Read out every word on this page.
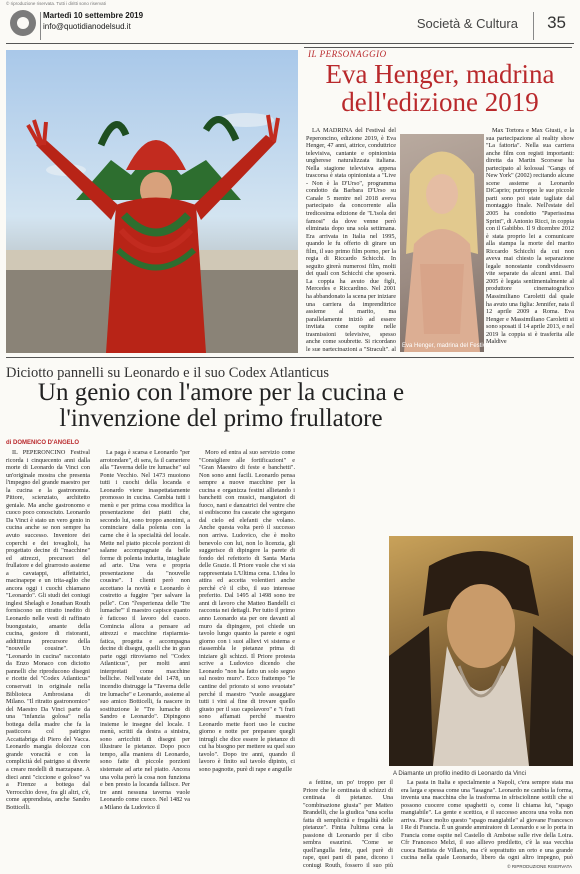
© riproduzione riservata. Tutti i diritti sono riservati
Martedì 10 settembre 2019
info@quotidianodelsud.it	Società & Cultura 35
IL PERSONAGGIO
Eva Henger, madrina dell'edizione 2019

LA MADRINA del Festival del Peperoncino, edizione 2019, è Eva Henger, 47 anni, attrice, conduttrice televisiva, cantante e opinionista ungherese naturalizzata italiana. Nella stagione televisiva appena trascorsa è stata opinionista a "Live - Non è la D'Urso", programma condotto da Barbara D'Urso su Canale 5 mentre nel 2018 aveva partecipato da concorrente alla tredicesima edizione de "L'isola dei famosi" da dove venne però eliminata dopo una sola settimana. Era arrivata in Italia nel 1995, quando le fu offerto di girare un film, il suo primo film porno, per la regia di Riccardo Schicchi. In seguito girerà numerosi film, molti dei quali con Schicchi che sposerà. La coppia ha avuto due figli, Mercedes e Riccardino. Nel 2001 ha abbandonato la scena per iniziare una carriera da imprenditrice assieme al marito, ma parallelamente iniziò ad essere invitata come ospite nelle trasmissioni televisive, spesso anche come soubrette. Si ricordano le sue partecipazioni a "Stracult", al Eva Henger, madrina del Festival

Max Tortora e Max Giusti, e la sua partecipazione al reality show "La fattoria". Nella sua carriera anche film con registi importanti: diretta da Martin Scorsese ha partecipato al kolossal "Gangs of New York" (2002) recitando alcune scene assieme a Leonardo DiCaprio; purtroppo le sue piccole parti sono poi state tagliate dal montaggio finale. Nell'estate del 2005 ha condotto "Paperissima Sprint", di Antonio Ricci, in coppia con il Gabibbo. Il 9 dicembre 2012 è stata proprio lei a comunicare alla stampa la morte del marito Riccardo Schicchi da cui non aveva mai chiesto la separazione legale nonostante condividessero vite separate da alcuni anni. Dal 2005 è legata sentimentalmente al produttore cinematografico Massimiliano Caroletti dal quale ha avuto una figlia: Jennifer, nata il 12 aprile 2009 a Roma. Eva Henger e Massimiliano Caroletti si sono sposati il 14 aprile 2013, e nel 2019 la coppia si è trasferita alle Maldive

Diciotto pannelli su Leonardo e il suo Codex Atlanticus
Un genio con l'amore per la cucina e l'invenzione del primo frullatore
A Diamante un profilo inedito di Leonardo da Vinci
di DOMENICO D'ANGELO

IL PEPERONCINO Festival ricorda i cinquecento anni dalla morte di Leonardo da Vinci con un'originale mostra che presenta l'impegno del grande maestro per la cucina e la gastronomia. Pittore, scienziato, architetto geniale. Ma anche gastronomo e cuoco poco conosciuto. Leonardo Da Vinci è stato un vero genio in cucina anche se non sempre ha avuto successo. Inventore dei coperchi e dei tovaglioli, ha progettato decine di "macchine" ed attrezzi, precursori del frullatore e del girarrosto assieme a cavatappi, affettatrici, macinapepe e un trita-aglio che ancora oggi i cuochi chiamano "Leonardo". Gli studi dei coniugi inglesi Shelagh e Jonathan Routh forniscono un ritratto inedito di Leonardo nelle vesti di raffinato buongustaio, amante della cucina, gestore di ristoranti, additittura precursore della "nouvelle cousine". Un "Leonardo in cucina" raccontato da Enzo Monaco con diciotto pannelli che riproducono disegni e ricette del "Codex Atlanticus" conservati in originale nella Biblioteca Ambrosiana di Milano. "Il ritratto gastronomico" del Maestro Da Vinci parte da una "infanzia golosa" nella bottega della madre che fa la pasticcera col patrigno Accattabriga di Piero del Vacca. Leonardo mangia dolcezze con grande voracità e con la complicità del patrigno si diverte a creare modelli di marzapane. A dieci anni "ciccione e goloso" va a Firenze a bottega dal Verrocchio dove, fra gli altri, c'è, come apprendista, anche Sandro Botticelli.

La paga è scarsa e Leonardo "per arrotondare", di sera, fa il cameriere alla "Taverna delle tre lumache" sul Ponte Vecchio. Nel 1473 muoiono tutti i cuochi della locanda e Leonardo viene inaspettatamente promosso in cucina. Cambia tutti i menù e per prima cosa modifica la presentazione dei piatti che, secondo lui, sono troppo anonimi, a cominciare dalla polenta con la carne che è la specialità del locale. Mette nel piatto piccole porzioni di salame accompagnate da belle forme di polenta indurita, intagliate ad arte. Una vera e propria presentazione da "nouvelle cousine". I clienti però non accettano la novità e Leonardo è costretto a fuggire "per salvare la pelle". Con "l'esperienza delle 'Tre lumache'" il maestro capisce quanto è faticoso il lavoro del cuoco. Comincia allora a pensare ad attrezzi e macchine rispiarmia-fatica, progetta e accompagna decine di disegni, quelli che in gran parte oggi ritroviamo nel "Codex Atlanticus", per molti anni interpretati come macchine belliche. Nell'estate del 1478, un incendio distrugge la "Taverna delle tre lumache" e Leonardo, assieme al suo amico Botticelli, fa nascere in sostituzione le "Tre lumache di Sandro e Leonardo". Dipingono insieme le insegne del locale. I menù, scritti da destra a sinistra, sono arricchiti di disegni per illustrare le pietanze. Dopo poco tempo, alla maniera di Leonardo, sono fatte di piccole porzioni sistemate ad arte nel piatto. Ancora una volta però la cosa non funziona e ben presto la locanda fallisce. Per tre anni nessuna taverna vuole Leonardo come cuoco. Nel 1482 va a Milano da Ludovico il

Moro ed entra al suo servizio come "Consigliere alle fortificazioni" e "Gran Maestro di feste e banchetti". Non sono anni facili. Leonardo pensa sempre a nuove macchine per la cucina e organizza festini allietando i banchetti con musici, mangiatori di fuoco, nani e danzatrici del ventre che si esibiscono fra cascate che sgorgano dal cielo ed elefanti che volano. Anche questa volta però il successo non arriva. Ludovico, che è molto benevolo con lui, non lo licenzia, gli suggerisce di dipingere la parete di fondo del refettorio di Santa Maria delle Grazie. Il Priore vuole che vi sia rappresentata L'Ultima cena. L'idea lo attira ed accetta volentieri anche perché c'è il cibo, il suo interesse preferito. Dal 1495 al 1498 sono tre anni di lavoro che Matteo Bandelli ci racconta nei dettagli. Per tutto il primo anno Leonardo sta per ore davanti al muro da dipingere, poi chiede un tavolo lungo quanto la parete e ogni giorno con i suoi allievi vi sistema e riassembla le pietanze prima di iniziare gli schizzi. Il Priore protesta scrive a Ludovico dicendo che Leonardo "non ha fatto un solo segno sul nostro muro". Ecco frattempo "le cantine del priorato si sono svuotate" perché il maestro "vuole assaggiare tutti i vini al fine di trovare quello giusto per il suo capolavoro" e "i frati sono affamati perché maestro Leonardo mette fuori uso le cucine giorno e notte per preparare quegli intrugli che dice essere le pietanze di cui ha bisogno per mettere su quel suo tavolo". Dopo tre anni, quando il lavoro è finito sul tavolo dipinto, ci sono pagnotte, purè di rape e anguille

a fettine, un po' troppo per il Priore che le centinaia di schizzi di centinaia di pietanze. Una "combinazione giusta" per Matteo Brandelli, che la giudica "una scelta fatta di semplicità e frugalità delle pietanze". Finita l'ultima cena la passione di Leonardo per il cibo sembra esaurirsi. "Come se quell'angulla fette, quel purè di rape, quei pani di pane, dicono i coniugi Routh, fossero il suo più

La pasta in Italia e specialmente a Napoli, c'era sempre stata ma era larga e spessa come una "lasagna". Leonardo ne cambia la forma, inventa una macchina che la trasforma in sfrisciolinne sottili che si possono cuocere come spaghetti o, come li chiama lui, "spago mangiabile". La gente e scettica, e il successo ancora una volta non arriva. Piace molto questo "spago mangiabile" al giovane Francesco I Re di Francia. È un grande ammiratore di Leonardo e se lo porta in Francia come ospite nel Castello di Amboise sulle rive della Loira. Cfr Francesco Melzi, il suo allievo prediletto, c'è la sua vecchia cuoca Battista de Villanis, ma c'è soprattutto un orto e una grande cucina nella quale Leonardo, libero da ogni altro impegno, può

© RIPRODUZIONE RISERVATA
